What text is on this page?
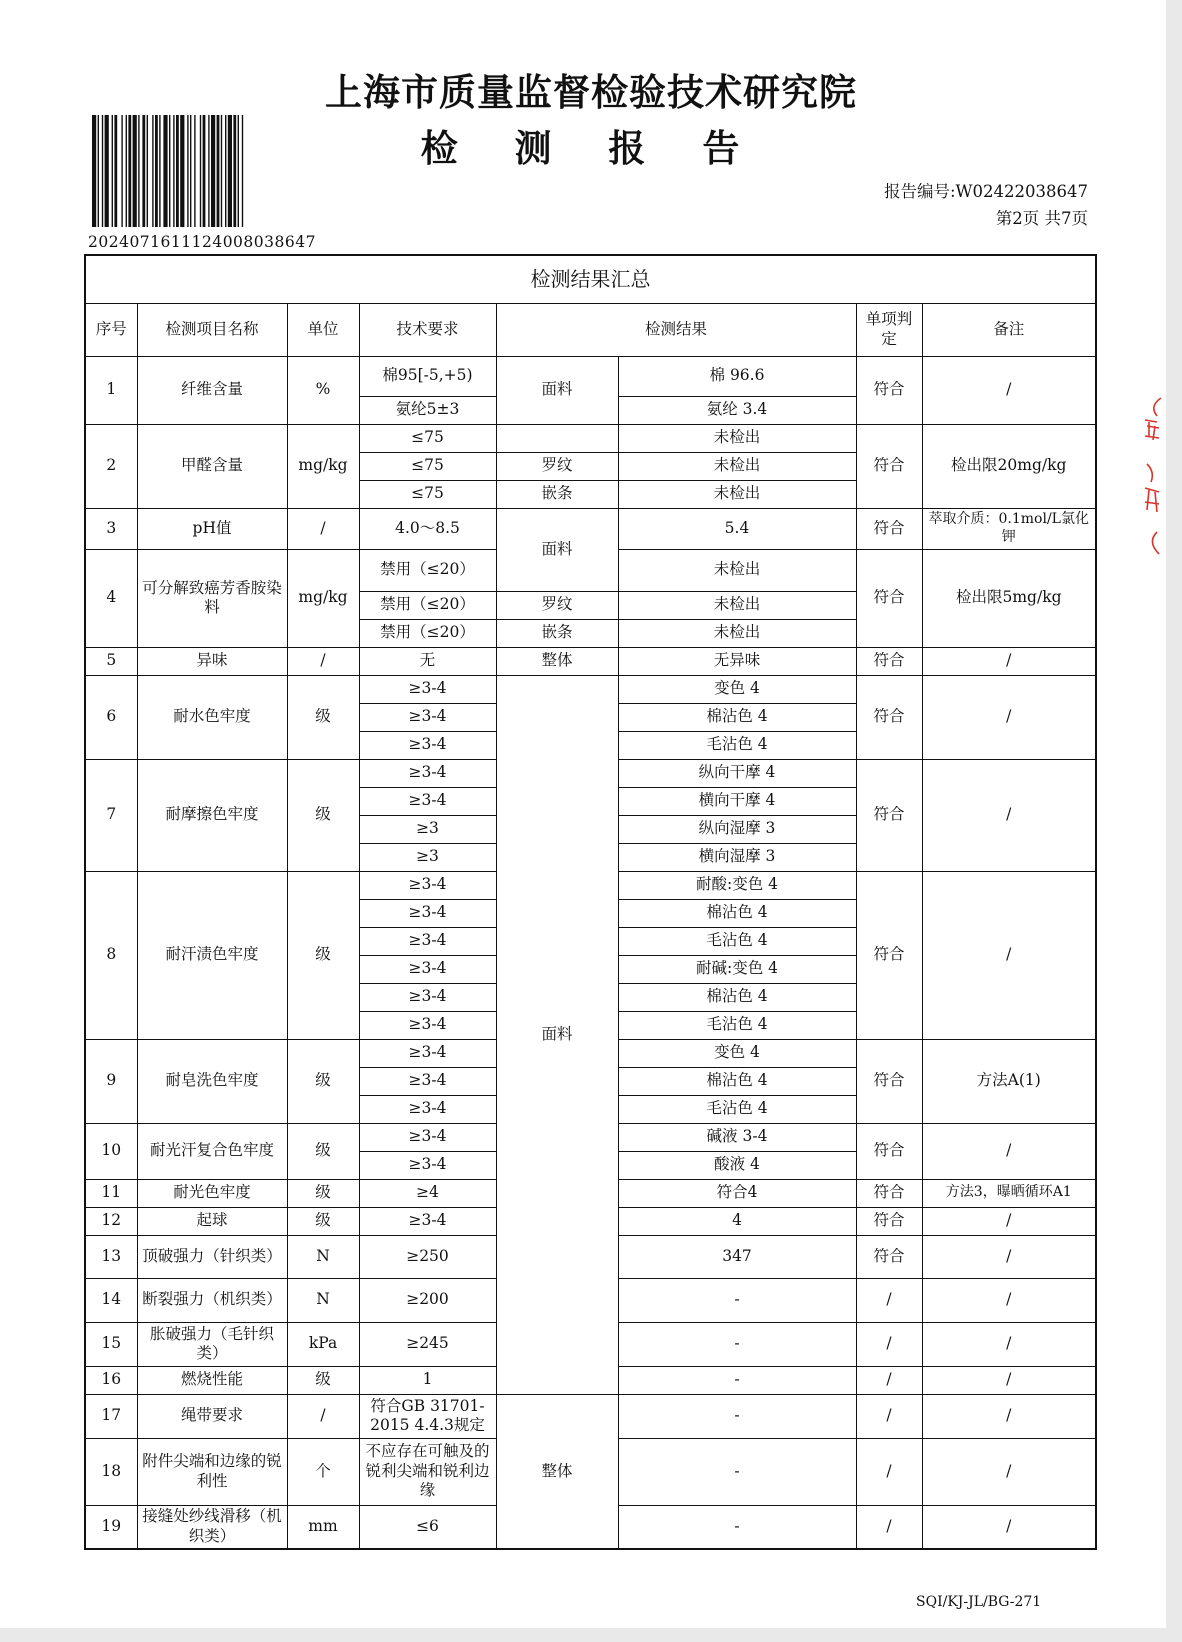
上海市质量监督检验技术研究院
检 测 报 告
20240716111240080386​47
报告编号:W02422038647
第2页 共7页
检测结果汇总							
序号	检测项目名称	单位	技术要求	检测结果		单项判定	备注
1	纤维含量	%	棉95[-5,+5)	面料	棉 96.6	符合	/
			氨纶5±3		氨纶 3.4		
2	甲醛含量	mg/kg	≤75		未检出	符合	检出限20mg/kg
			≤75	罗纹	未检出		
			≤75	嵌条	未检出		
3	pH值	/	4.0～8.5	面料	5.4	符合	萃取介质：0.1mol/L氯化钾
4	可分解致癌芳香胺染料	mg/kg	禁用（≤20）		未检出	符合	检出限5mg/kg
			禁用（≤20）	罗纹	未检出		
			禁用（≤20）	嵌条	未检出		
5	异味	/	无	整体	无异味	符合	/
6	耐水色牢度	级	≥3-4	面料	变色 4	符合	/
			≥3-4		棉沾色 4		
			≥3-4		毛沾色 4		
7	耐摩擦色牢度	级	≥3-4		纵向干摩 4	符合	/
			≥3-4		横向干摩 4		
			≥3		纵向湿摩 3		
			≥3		横向湿摩 3		
8	耐汗渍色牢度	级	≥3-4		耐酸:变色 4	符合	/
			≥3-4		棉沾色 4		
			≥3-4		毛沾色 4		
			≥3-4		耐碱:变色 4		
			≥3-4		棉沾色 4		
			≥3-4		毛沾色 4		
9	耐皂洗色牢度	级	≥3-4		变色 4	符合	方法A(1)
			≥3-4		棉沾色 4		
			≥3-4		毛沾色 4		
10	耐光汗复合色牢度	级	≥3-4		碱液 3-4	符合	/
			≥3-4		酸液 4		
11	耐光色牢度	级	≥4		符合4	符合	方法3，曝晒循环A1
12	起球	级	≥3-4		4	符合	/
13	顶破强力（针织类）	N	≥250		347	符合	/
14	断裂强力（机织类）	N	≥200		-	/	/
15	胀破强力（毛针织类）	kPa	≥245		-	/	/
16	燃烧性能	级	1		-	/	/
17	绳带要求	/	符合GB 31701-2015 4.4.3规定	整体	-	/	/
18	附件尖端和边缘的锐利性	个	不应存在可触及的锐利尖端和锐利边缘		-	/	/
19	接缝处纱线滑移（机织类）	mm	≤6		-	/	/
SQI/KJ-JL/BG-271
